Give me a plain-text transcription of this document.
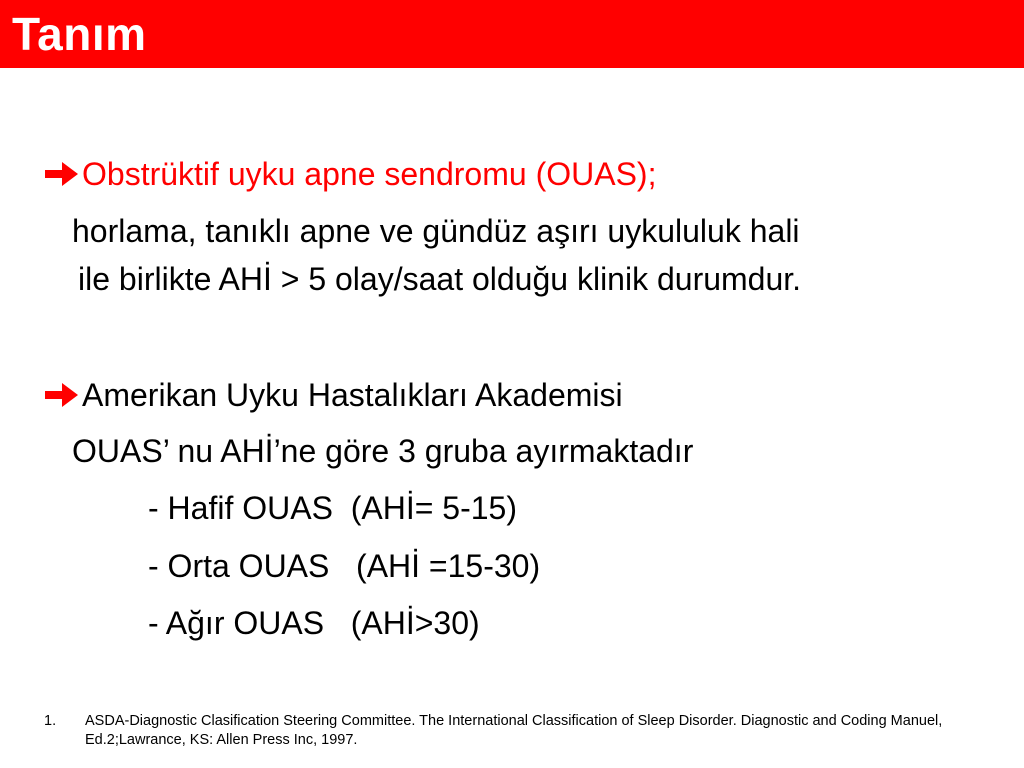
Tanım
Obstrüktif uyku apne sendromu (OUAS);
horlama, tanıklı apne ve gündüz aşırı uykululuk hali
ile birlikte AHİ > 5 olay/saat olduğu klinik durumdur.
Amerikan Uyku Hastalıkları Akademisi
OUAS’ nu AHİ’ne göre 3 gruba ayırmaktadır
- Hafif OUAS  (AHİ= 5-15)
- Orta OUAS   (AHİ =15-30)
- Ağır OUAS   (AHİ>30)
1. ASDA-Diagnostic Clasification Steering Committee. The International Classification of Sleep Disorder. Diagnostic and Coding Manuel, Ed.2;Lawrance, KS: Allen Press Inc, 1997.
